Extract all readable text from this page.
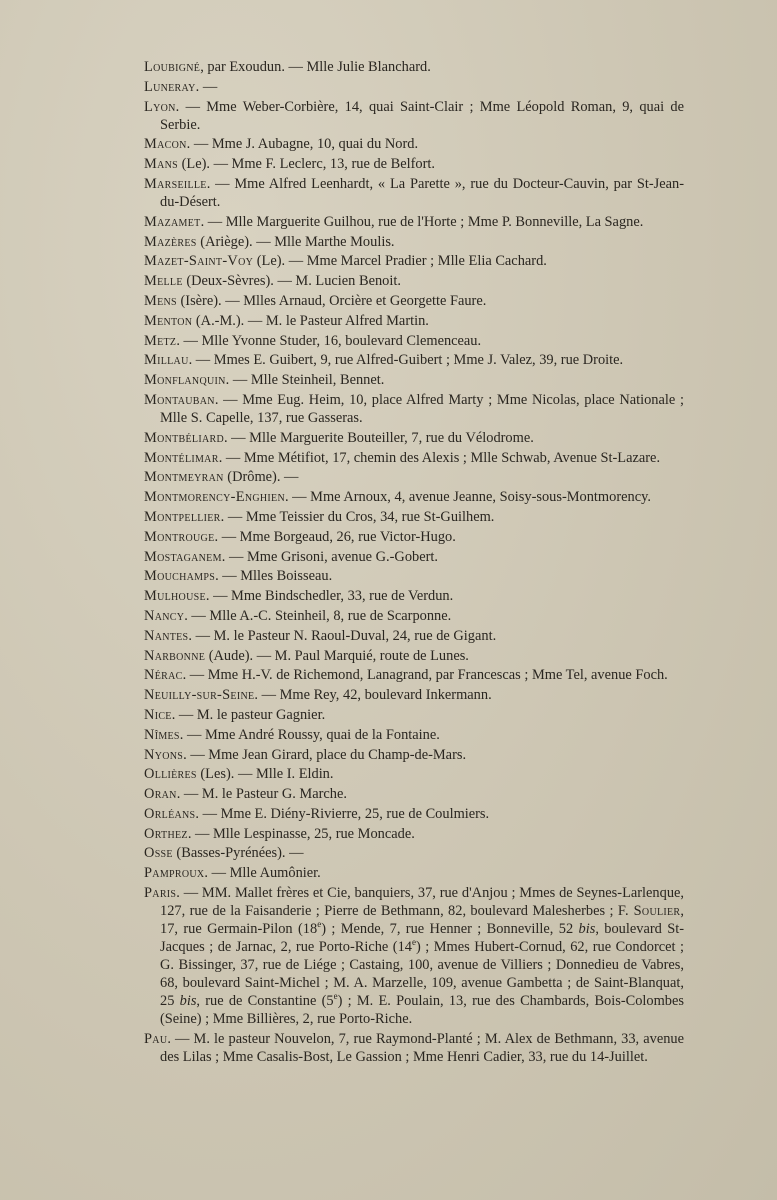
Loubigné, par Exoudun. — Mlle Julie Blanchard.

Luneray. —

Lyon. — Mme Weber-Corbière, 14, quai Saint-Clair ; Mme Léopold Roman, 9, quai de Serbie.

Macon. — Mme J. Aubagne, 10, quai du Nord.

Mans (Le). — Mme F. Leclerc, 13, rue de Belfort.

Marseille. — Mme Alfred Leenhardt, « La Parette », rue du Docteur-Cauvin, par St-Jean-du-Désert.

Mazamet. — Mlle Marguerite Guilhou, rue de l'Horte ; Mme P. Bonneville, La Sagne.

Mazères (Ariège). — Mlle Marthe Moulis.

Mazet-Saint-Voy (Le). — Mme Marcel Pradier ; Mlle Elia Cachard.

Melle (Deux-Sèvres). — M. Lucien Benoit.

Mens (Isère). — Mlles Arnaud, Orcière et Georgette Faure.

Menton (A.-M.). — M. le Pasteur Alfred Martin.

Metz. — Mlle Yvonne Studer, 16, boulevard Clemenceau.

Millau. — Mmes E. Guibert, 9, rue Alfred-Guibert ; Mme J. Valez, 39, rue Droite.

Monflanquin. — Mlle Steinheil, Bennet.

Montauban. — Mme Eug. Heim, 10, place Alfred Marty ; Mme Nicolas, place Nationale ; Mlle S. Capelle, 137, rue Gasseras.

Montbéliard. — Mlle Marguerite Bouteiller, 7, rue du Vélodrome.

Montélimar. — Mme Métifiot, 17, chemin des Alexis ; Mlle Schwab, Avenue St-Lazare.

Montmeyran (Drôme). —

Montmorency-Enghien. — Mme Arnoux, 4, avenue Jeanne, Soisy-sous-Montmorency.

Montpellier. — Mme Teissier du Cros, 34, rue St-Guilhem.

Montrouge. — Mme Borgeaud, 26, rue Victor-Hugo.

Mostaganem. — Mme Grisoni, avenue G.-Gobert.

Mouchamps. — Mlles Boisseau.

Mulhouse. — Mme Bindschedler, 33, rue de Verdun.

Nancy. — Mlle A.-C. Steinheil, 8, rue de Scarponne.

Nantes. — M. le Pasteur N. Raoul-Duval, 24, rue de Gigant.

Narbonne (Aude). — M. Paul Marquié, route de Lunes.

Nérac. — Mme H.-V. de Richemond, Lanagrand, par Francescas ; Mme Tel, avenue Foch.

Neuilly-sur-Seine. — Mme Rey, 42, boulevard Inkermann.

Nice. — M. le pasteur Gagnier.

Nîmes. — Mme André Roussy, quai de la Fontaine.

Nyons. — Mme Jean Girard, place du Champ-de-Mars.

Ollières (Les). — Mlle I. Eldin.

Oran. — M. le Pasteur G. Marche.

Orléans. — Mme E. Diény-Rivierre, 25, rue de Coulmiers.

Orthez. — Mlle Lespinasse, 25, rue Moncade.

Osse (Basses-Pyrénées). —

Pamproux. — Mlle Aumônier.

Paris. — MM. Mallet frères et Cie, banquiers, 37, rue d'Anjou ; Mmes de Seynes-Larlenque, 127, rue de la Faisanderie ; Pierre de Bethmann, 82, boulevard Malesherbes ; F. Soulier, 17, rue Germain-Pilon (18e) ; Mende, 7, rue Henner ; Bonneville, 52 bis, boulevard St-Jacques ; de Jarnac, 2, rue Porto-Riche (14e) ; Mmes Hubert-Cornud, 62, rue Condorcet ; G. Bissinger, 37, rue de Liége ; Castaing, 100, avenue de Villiers ; Donnedieu de Vabres, 68, boulevard Saint-Michel ; M. A. Marzelle, 109, avenue Gambetta ; de Saint-Blanquat, 25 bis, rue de Constantine (5e) ; M. E. Poulain, 13, rue des Chambards, Bois-Colombes (Seine) ; Mme Billières, 2, rue Porto-Riche.

Pau. — M. le pasteur Nouvelon, 7, rue Raymond-Planté ; M. Alex de Bethmann, 33, avenue des Lilas ; Mme Casalis-Bost, Le Gassion ; Mme Henri Cadier, 33, rue du 14-Juillet.
